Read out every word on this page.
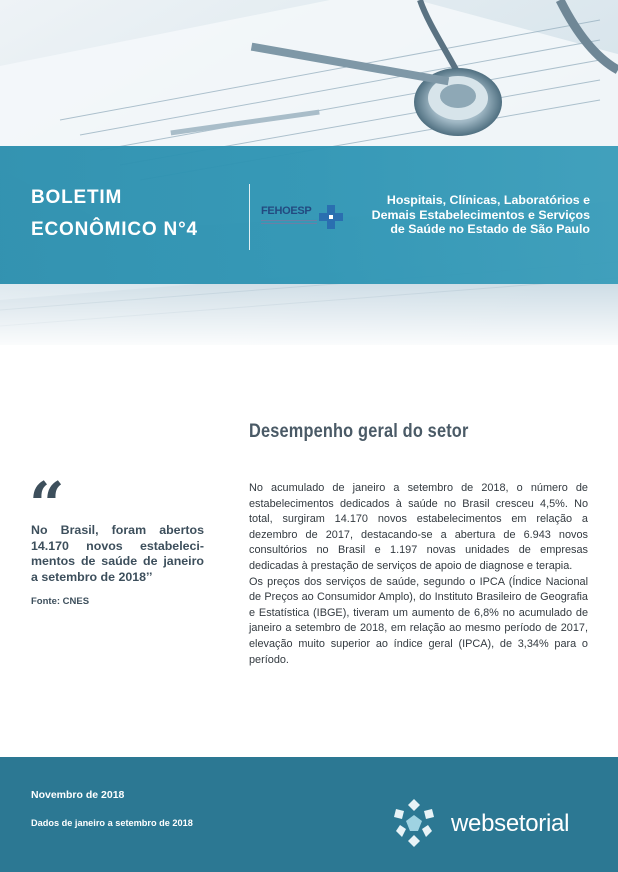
BOLETIM
ECONÔMICO N°4
FEHOESP
Hospitais, Clínicas, Laboratórios e
Demais Estabelecimentos e Serviços
de Saúde no Estado de São Paulo
Desempenho geral do setor
“
No Brasil, foram abertos 14.170 novos estabeleci-mentos de saúde de janeiro a setembro de 2018’’
Fonte: CNES

No acumulado de janeiro a setembro de 2018, o número de estabelecimentos dedicados à saúde no Brasil cresceu 4,5%. No total, surgiram 14.170 novos estabelecimentos em relação a dezembro de 2017, destacando-se a abertura de 6.943 novos consultórios no Brasil e 1.197 novas unidades de empresas dedicadas à prestação de serviços de apoio de diagnose e terapia.

Os preços dos serviços de saúde, segundo o IPCA (Índice Nacional de Preços ao Consumidor Amplo), do Instituto Brasileiro de Geografia e Estatística (IBGE), tiveram um aumento de 6,8% no acumulado de janeiro a setembro de 2018, em relação ao mesmo período de 2017, elevação muito superior ao índice geral (IPCA), de 3,34% para o período.

Novembro de 2018
Dados de janeiro a setembro de 2018	websetorial
